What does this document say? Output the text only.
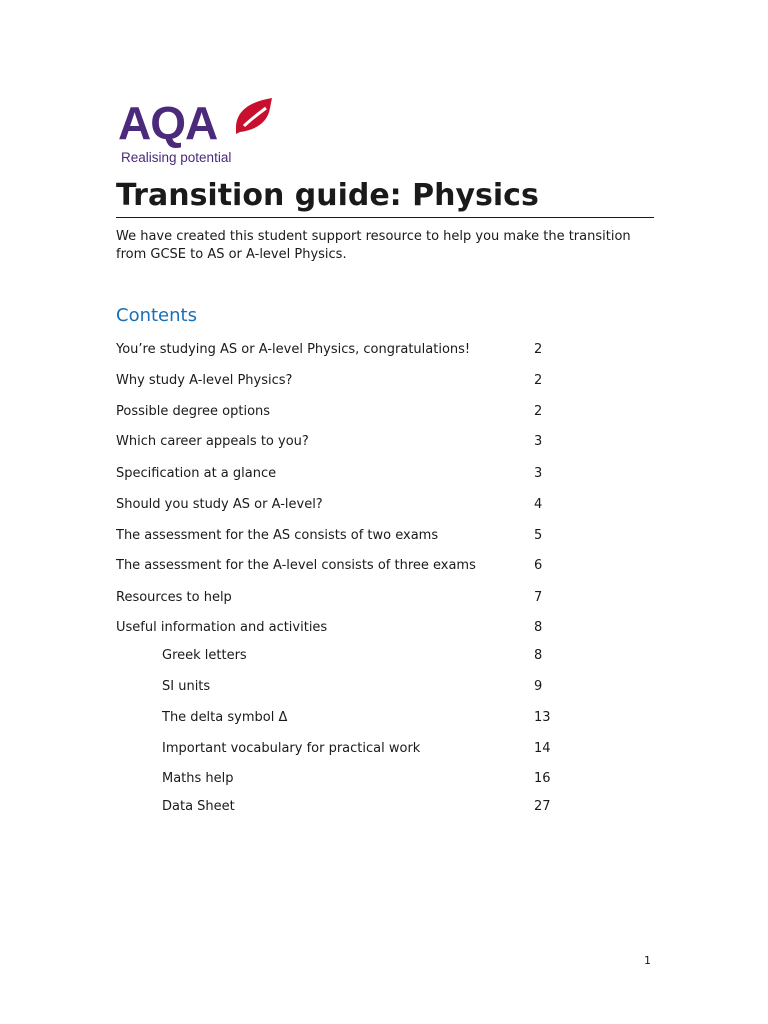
AQA
Realising potential
Transition guide: Physics
We have created this student support resource to help you make the transition from GCSE to AS or A-level Physics.
Contents
You’re studying AS or A-level Physics, congratulations!	2
Why study A-level Physics?	2
Possible degree options	2
Which career appeals to you?	3
Specification at a glance	3
Should you study AS or A-level?	4
The assessment for the AS consists of two exams	5
The assessment for the A-level consists of three exams	6
Resources to help	7
Useful information and activities	8
Greek letters	8
SI units	9
The delta symbol Δ	13
Important vocabulary for practical work	14
Maths help	16
Data Sheet	27
1
